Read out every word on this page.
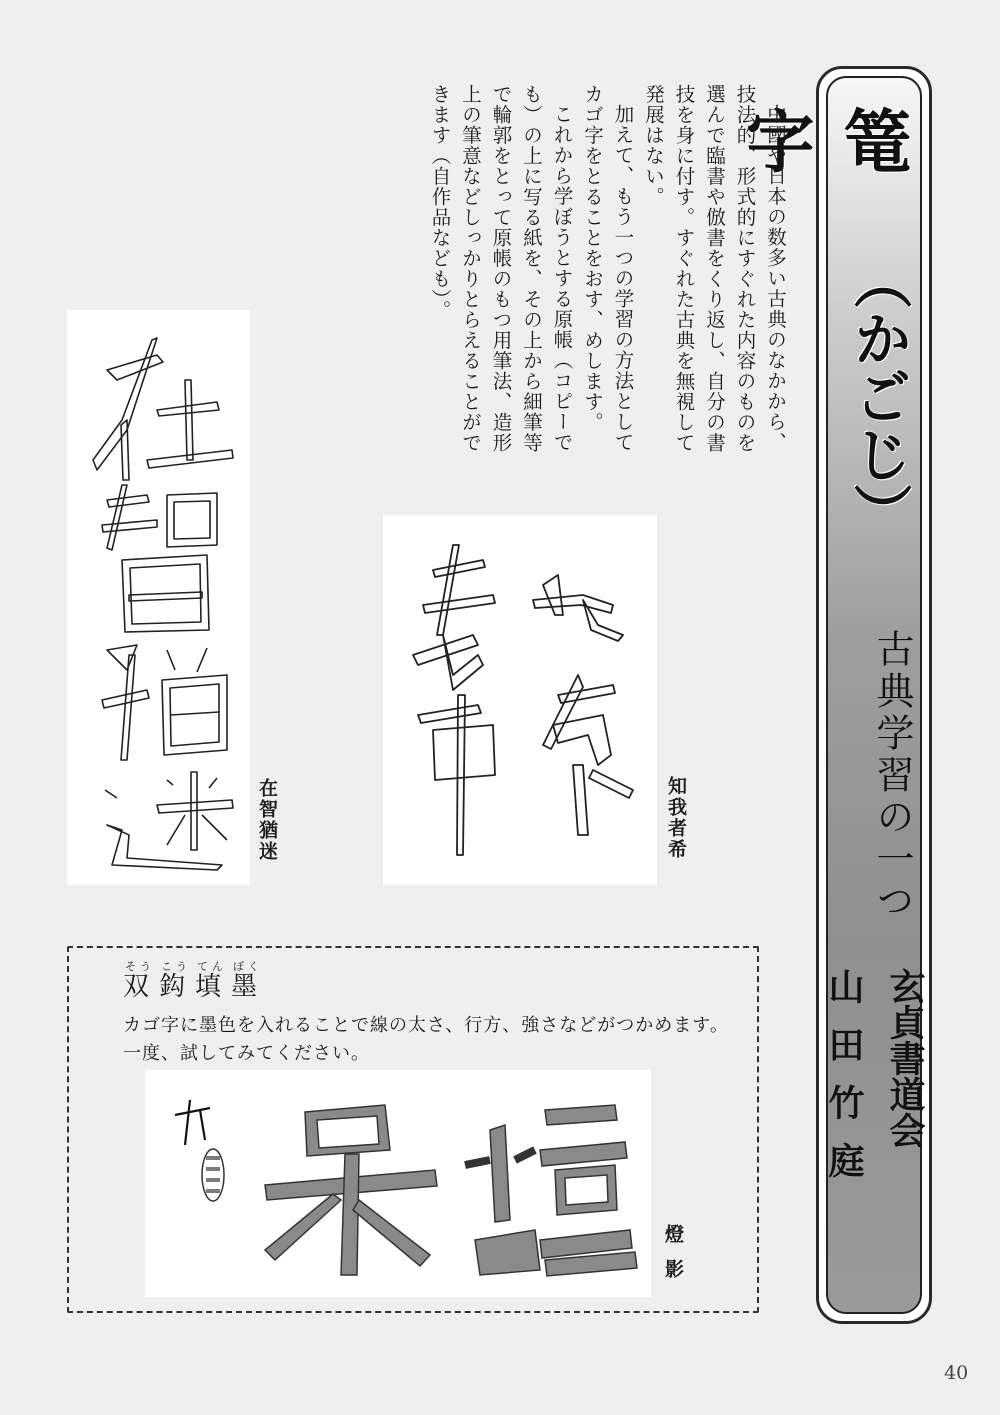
篭字
（かごじ）
古典学習の一つ
山田竹庭 玄貞書道会

中國や日本の数多い古典のなかから、技法的、形式的にすぐれた内容のものを選んで臨書や倣書をくり返し、自分の書技を身に付す。すぐれた古典を無視して発展はない。

加えて、もう一つの学習の方法としてカゴ字をとることをおす、めします。

これから学ぼうとする原帳（コピーでも）の上に写る紙を、その上から細筆等で輪郭をとって原帳のもつ用筆法、造形上の筆意などしっかりとらえることができます（自作品なども）。

在智猶迷	知我者希
双そう
鈎こう
填てん
墨ぼく
カゴ字に墨色を入れることで線の太さ、行方、強さなどがつかめます。
一度、試してみてください。
燈影
40
